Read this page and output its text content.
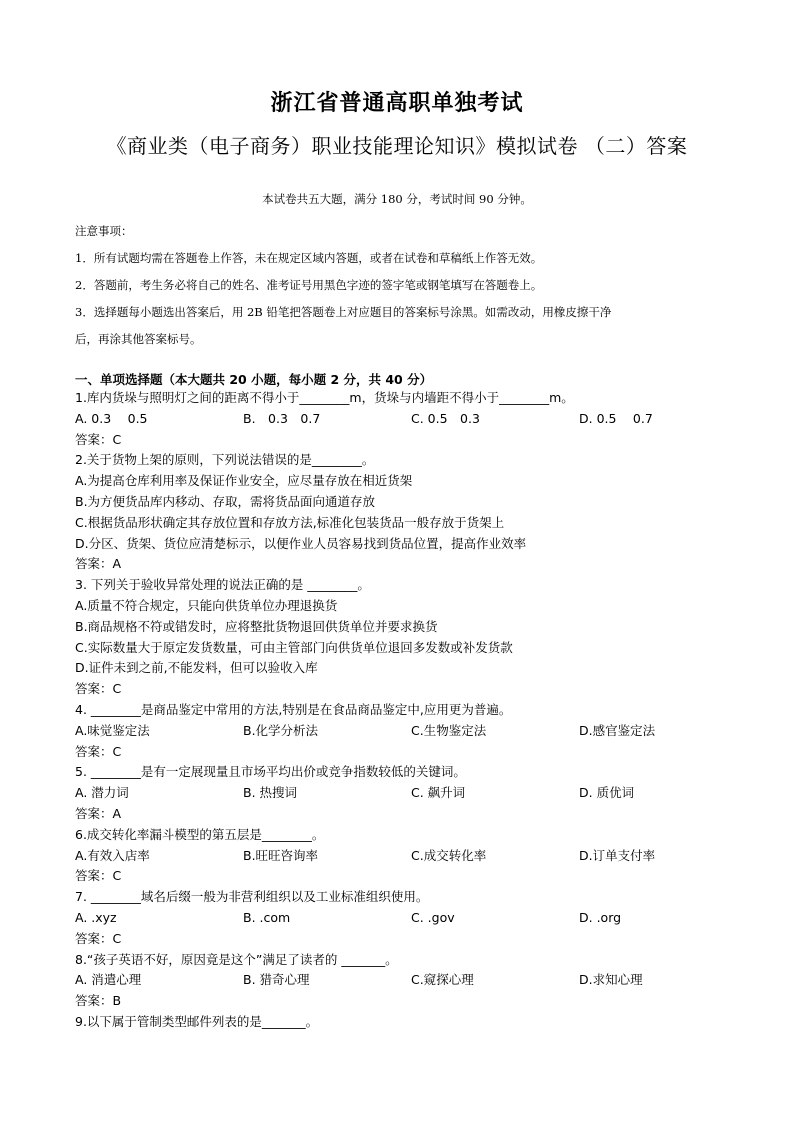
浙江省普通高职单独考试
《商业类（电子商务）职业技能理论知识》模拟试卷 （二）答案
本试卷共五大题，满分 180 分，考试时间 90 分钟。
注意事项：
1．所有试题均需在答题卷上作答，未在规定区域内答题，或者在试卷和草稿纸上作答无效。
2．答题前，考生务必将自己的姓名、准考证号用黑色字迹的签字笔或钢笔填写在答题卷上。
3．选择题每小题选出答案后，用 2B 铅笔把答题卷上对应题目的答案标号涂黑。如需改动，用橡皮擦干净
后，再涂其他答案标号。
一、单项选择题（本大题共 20 小题，每小题 2 分，共 40 分）
1.库内货垛与照明灯之间的距离不得小于________m，货垛与内墙距不得小于________m。
A. 0.3　 0.5	B.　0.3　0.7	C. 0.5　0.3	D. 0.5　 0.7
答案：C
2.关于货物上架的原则，下列说法错误的是________。
A.为提高仓库利用率及保证作业安全，应尽量存放在相近货架
B.为方便货品库内移动、存取，需将货品面向通道存放
C.根据货品形状确定其存放位置和存放方法,标准化包装货品一般存放于货架上
D.分区、货架、货位应清楚标示，以便作业人员容易找到货品位置，提高作业效率
答案：A
3. 下列关于验收异常处理的说法正确的是 ________。
A.质量不符合规定，只能向供货单位办理退换货
B.商品规格不符或错发时，应将整批货物退回供货单位并要求换货
C.实际数量大于原定发货数量，可由主管部门向供货单位退回多发数或补发货款
D.证件未到之前,不能发料，但可以验收入库
答案：C
4. ________是商品鉴定中常用的方法,特别是在食品商品鉴定中,应用更为普遍。
A.味觉鉴定法	B.化学分析法	C.生物鉴定法	D.感官鉴定法
答案：C
5. ________是有一定展现量且市场平均出价或竞争指数较低的关键词。
A. 潜力词	B. 热搜词	C. 飙升词	D. 质优词
答案：A
6.成交转化率漏斗模型的第五层是________。
A.有效入店率	B.旺旺咨询率	C.成交转化率	D.订单支付率
答案：C
7. ________域名后缀一般为非营利组织以及工业标准组织使用。
A. .xyz	B. .com	C. .gov	D. .org
答案：C
8.“孩子英语不好，原因竟是这个”满足了读者的 _______。
A. 消遣心理	B. 猎奇心理	C.窥探心理	D.求知心理
答案：B
9.以下属于管制类型邮件列表的是_______。
